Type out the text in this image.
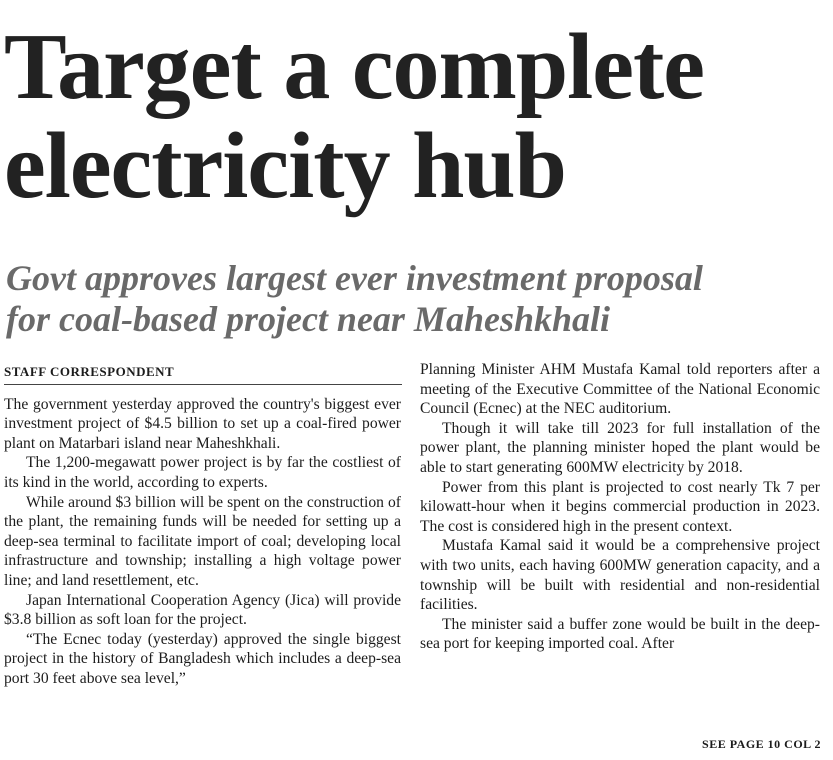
Target a complete
electricity hub
Govt approves largest ever investment proposal
for coal-based project near Maheshkhali
STAFF CORRESPONDENT

The government yesterday approved the country's biggest ever investment project of $4.5 billion to set up a coal-fired power plant on Matarbari island near Maheshkhali.

The 1,200-megawatt power project is by far the costliest of its kind in the world, according to experts.

While around $3 billion will be spent on the construction of the plant, the remaining funds will be needed for setting up a deep-sea terminal to facilitate import of coal; developing local infrastructure and township; installing a high voltage power line; and land resettlement, etc.

Japan International Cooperation Agency (Jica) will provide $3.8 billion as soft loan for the project.

“The Ecnec today (yesterday) approved the single biggest project in the history of Bangladesh which includes a deep-sea port 30 feet above sea level,”

Planning Minister AHM Mustafa Kamal told reporters after a meeting of the Executive Committee of the National Economic Council (Ecnec) at the NEC auditorium.

Though it will take till 2023 for full installation of the power plant, the planning minister hoped the plant would be able to start generating 600MW electricity by 2018.

Power from this plant is projected to cost nearly Tk 7 per kilowatt-hour when it begins commercial production in 2023. The cost is considered high in the present context.

Mustafa Kamal said it would be a comprehensive project with two units, each having 600MW generation capacity, and a township will be built with residential and non-residential facilities.

The minister said a buffer zone would be built in the deep-sea port for keeping imported coal. After

SEE PAGE 10 COL 2
